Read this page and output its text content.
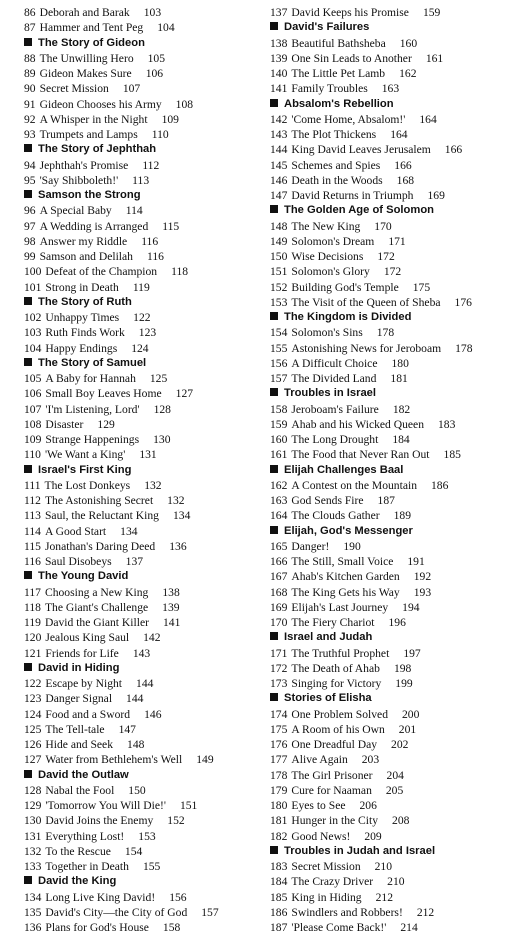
86 Deborah and Barak 103
87 Hammer and Tent Peg 104
The Story of Gideon
88 The Unwilling Hero 105
89 Gideon Makes Sure 106
90 Secret Mission 107
91 Gideon Chooses his Army 108
92 A Whisper in the Night 109
93 Trumpets and Lamps 110
The Story of Jephthah
94 Jephthah's Promise 112
95 'Say Shibboleth!' 113
Samson the Strong
96 A Special Baby 114
97 A Wedding is Arranged 115
98 Answer my Riddle 116
99 Samson and Delilah 116
100 Defeat of the Champion 118
101 Strong in Death 119
The Story of Ruth
102 Unhappy Times 122
103 Ruth Finds Work 123
104 Happy Endings 124
The Story of Samuel
105 A Baby for Hannah 125
106 Small Boy Leaves Home 127
107 'I'm Listening, Lord' 128
108 Disaster 129
109 Strange Happenings 130
110 'We Want a King' 131
Israel's First King
111 The Lost Donkeys 132
112 The Astonishing Secret 132
113 Saul, the Reluctant King 134
114 A Good Start 134
115 Jonathan's Daring Deed 136
116 Saul Disobeys 137
The Young David
117 Choosing a New King 138
118 The Giant's Challenge 139
119 David the Giant Killer 141
120 Jealous King Saul 142
121 Friends for Life 143
David in Hiding
122 Escape by Night 144
123 Danger Signal 144
124 Food and a Sword 146
125 The Tell-tale 147
126 Hide and Seek 148
127 Water from Bethlehem's Well 149
David the Outlaw
128 Nabal the Fool 150
129 'Tomorrow You Will Die!' 151
130 David Joins the Enemy 152
131 Everything Lost! 153
132 To the Rescue 154
133 Together in Death 155
David the King
134 Long Live King David! 156
135 David's City—the City of God 157
136 Plans for God's House 158
137 David Keeps his Promise 159
David's Failures
138 Beautiful Bathsheba 160
139 One Sin Leads to Another 161
140 The Little Pet Lamb 162
141 Family Troubles 163
Absalom's Rebellion
142 'Come Home, Absalom!' 164
143 The Plot Thickens 164
144 King David Leaves Jerusalem 166
145 Schemes and Spies 166
146 Death in the Woods 168
147 David Returns in Triumph 169
The Golden Age of Solomon
148 The New King 170
149 Solomon's Dream 171
150 Wise Decisions 172
151 Solomon's Glory 172
152 Building God's Temple 175
153 The Visit of the Queen of Sheba 176
The Kingdom is Divided
154 Solomon's Sins 178
155 Astonishing News for Jeroboam 178
156 A Difficult Choice 180
157 The Divided Land 181
Troubles in Israel
158 Jeroboam's Failure 182
159 Ahab and his Wicked Queen 183
160 The Long Drought 184
161 The Food that Never Ran Out 185
Elijah Challenges Baal
162 A Contest on the Mountain 186
163 God Sends Fire 187
164 The Clouds Gather 189
Elijah, God's Messenger
165 Danger! 190
166 The Still, Small Voice 191
167 Ahab's Kitchen Garden 192
168 The King Gets his Way 193
169 Elijah's Last Journey 194
170 The Fiery Chariot 196
Israel and Judah
171 The Truthful Prophet 197
172 The Death of Ahab 198
173 Singing for Victory 199
Stories of Elisha
174 One Problem Solved 200
175 A Room of his Own 201
176 One Dreadful Day 202
177 Alive Again 203
178 The Girl Prisoner 204
179 Cure for Naaman 205
180 Eyes to See 206
181 Hunger in the City 208
182 Good News! 209
Troubles in Judah and Israel
183 Secret Mission 210
184 The Crazy Driver 210
185 King in Hiding 212
186 Swindlers and Robbers! 212
187 'Please Come Back!' 214
